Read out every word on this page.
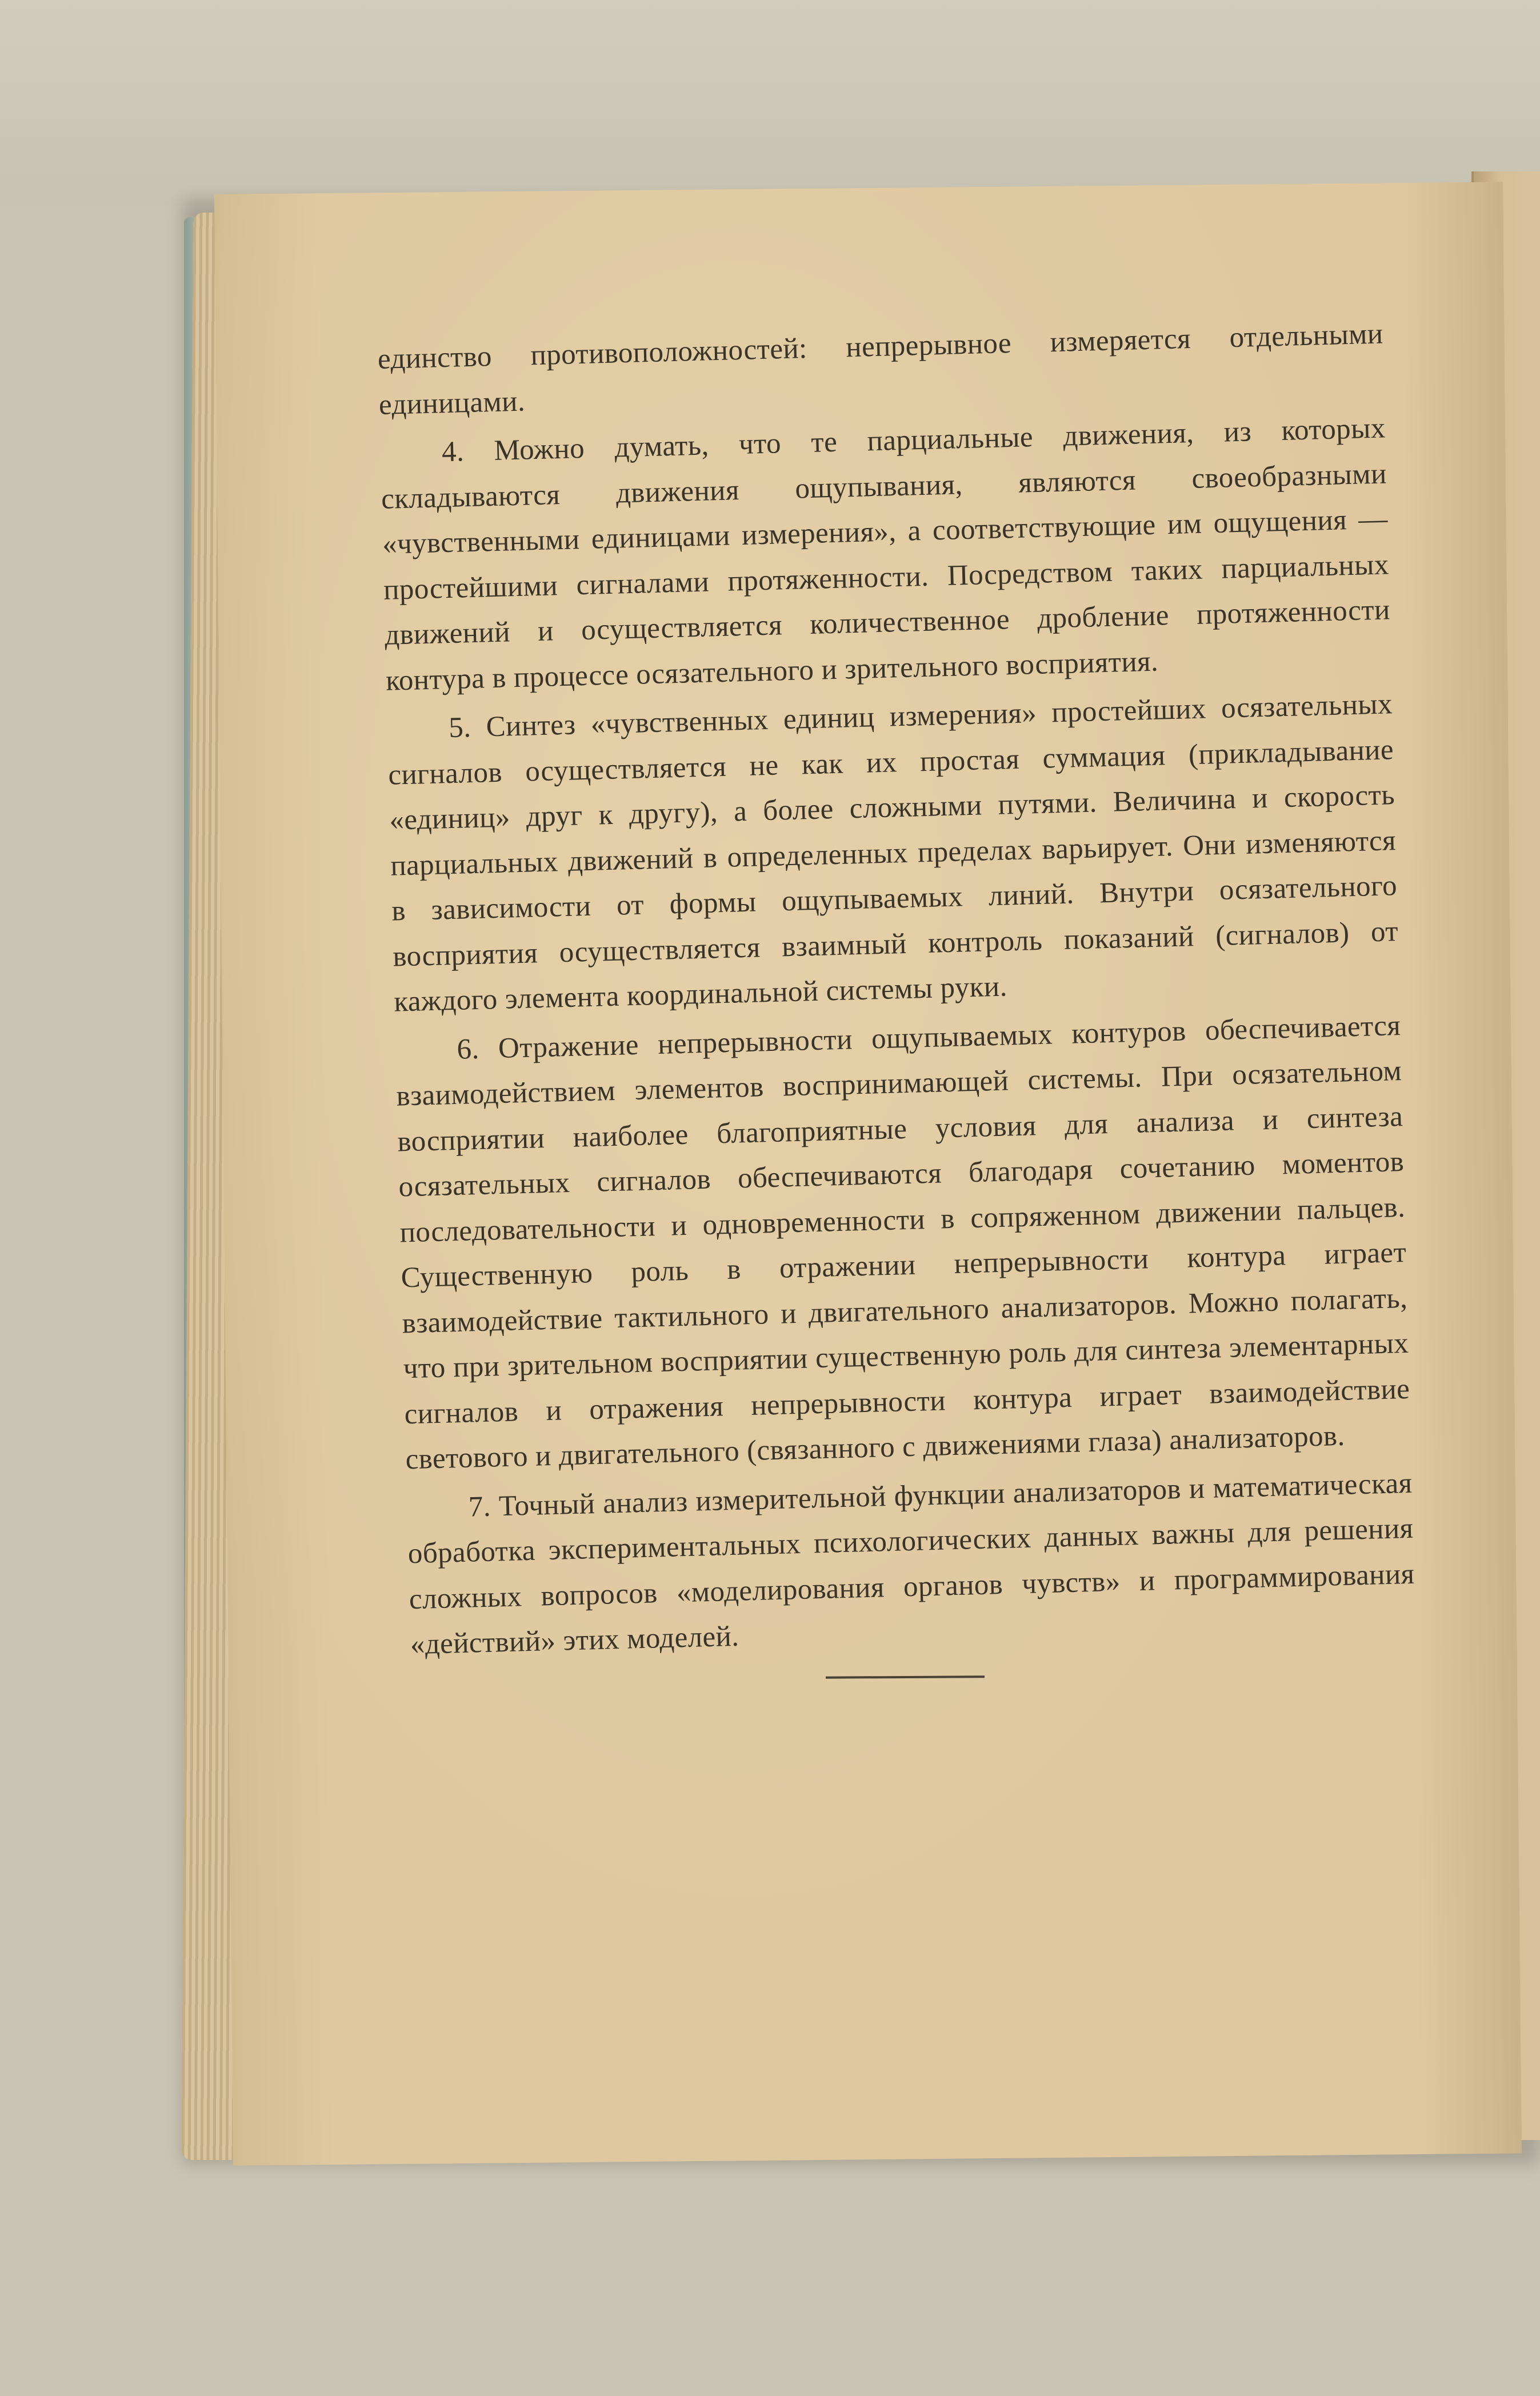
единство противоположностей: непрерывное измеряется отдельными единицами.

4. Можно думать, что те парциальные движения, из которых складываются движения ощупывания, являются своеобразными «чувственными единицами измерения», а соответствующие им ощущения — простейшими сигналами протяженности. Посредством таких парциальных движений и осуществляется количественное дробление протяженности контура в процессе осязательного и зрительного восприятия.

5. Синтез «чувственных единиц измерения» простейших осязательных сигналов осуществляется не как их простая суммация (прикладывание «единиц» друг к другу), а более сложными путями. Величина и скорость парциальных движений в определенных пределах варьирует. Они изменяются в зависимости от формы ощупываемых линий. Внутри осязательного восприятия осуществляется взаимный контроль показаний (сигналов) от каждого элемента координальной системы руки.

6. Отражение непрерывности ощупываемых контуров обеспечивается взаимодействием элементов воспринимающей системы. При осязательном восприятии наиболее благоприятные условия для анализа и синтеза осязательных сигналов обеспечиваются благодаря сочетанию моментов последовательности и одновременности в сопряженном движении пальцев. Существенную роль в отражении непрерывности контура играет взаимодействие тактильного и двигательного анализаторов. Можно полагать, что при зрительном восприятии существенную роль для синтеза элементарных сигналов и отражения непрерывности контура играет взаимодействие светового и двигательного (связанного с движениями глаза) анализаторов.

7. Точный анализ измерительной функции анализаторов и математическая обработка экспериментальных психологических данных важны для решения сложных вопросов «моделирования органов чувств» и программирования «действий» этих моделей.
